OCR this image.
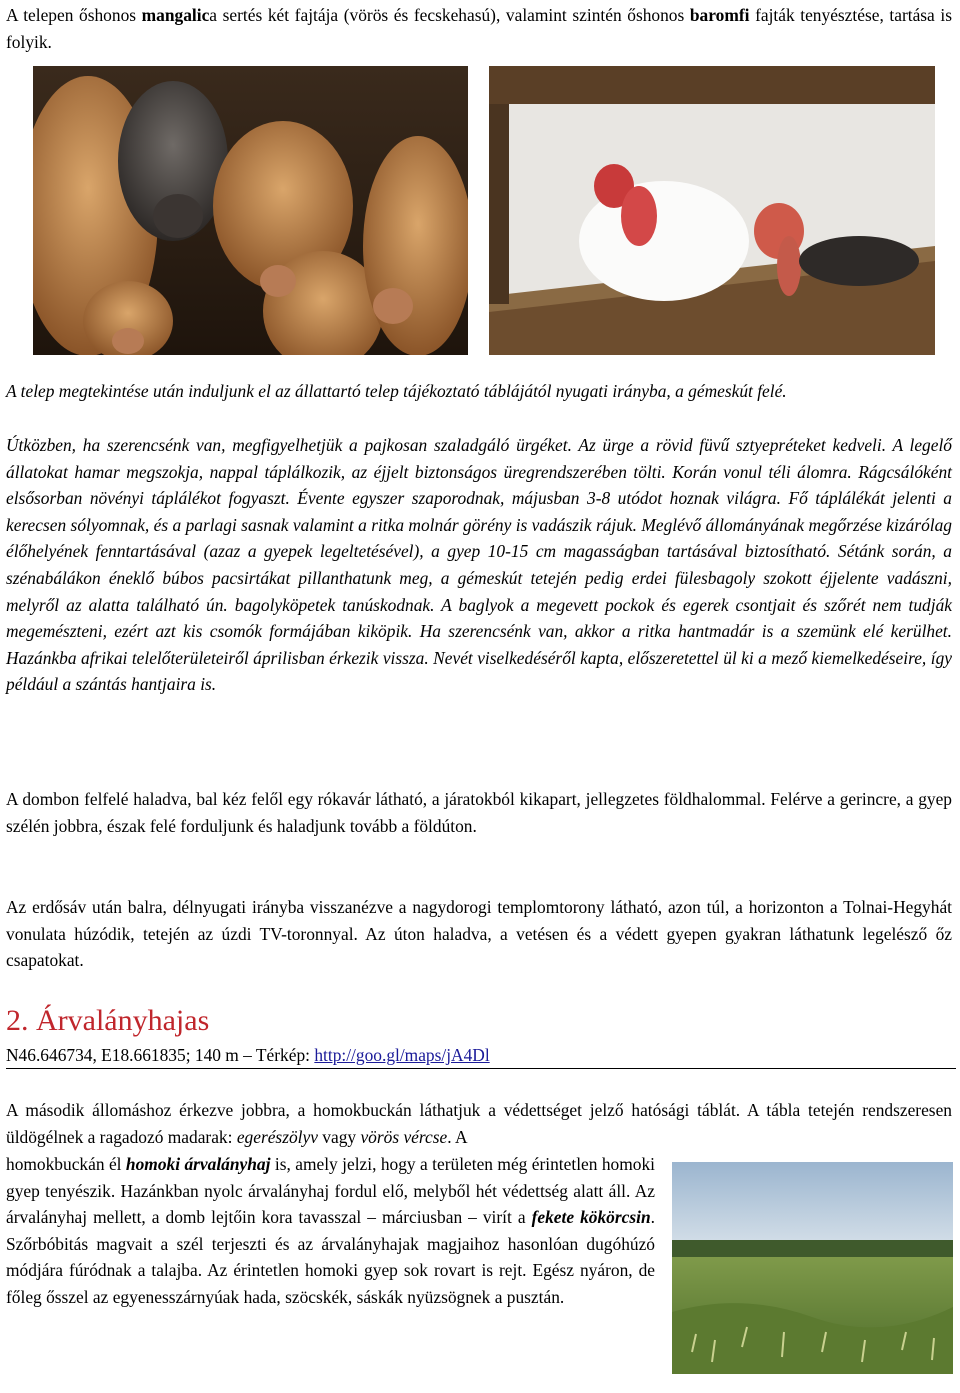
A telepen őshonos mangalica sertés két fajtája (vörös és fecskehasú), valamint szintén őshonos baromfi fajták tenyésztése, tartása is folyik.

A telep megtekintése után induljunk el az állattartó telep tájékoztató táblájától nyugati irányba, a gémeskút felé.

Útközben, ha szerencsénk van, megfigyelhetjük a pajkosan szaladgáló ürgéket. Az ürge a rövid füvű sztyepréteket kedveli. A legelő állatokat hamar megszokja, nappal táplálkozik, az éjjelt biztonságos üregrendszerében tölti. Korán vonul téli álomra. Rágcsálóként elsősorban növényi táplálékot fogyaszt. Évente egyszer szaporodnak, májusban 3-8 utódot hoznak világra. Fő táplálékát jelenti a kerecsen sólyomnak, és a parlagi sasnak valamint a ritka molnár görény is vadászik rájuk. Meglévő állományának megőrzése kizárólag élőhelyének fenntartásával (azaz a gyepek legeltetésével), a gyep 10-15 cm magasságban tartásával biztosítható. Sétánk során, a szénabálákon éneklő búbos pacsirtákat pillanthatunk meg, a gémeskút tetején pedig erdei fülesbagoly szokott éjjelente vadászni, melyről az alatta található ún. bagolyköpetek tanúskodnak. A baglyok a megevett pockok és egerek csontjait és szőrét nem tudják megemészteni, ezért azt kis csomók formájában kiköpik. Ha szerencsénk van, akkor a ritka hantmadár is a szemünk elé kerülhet. Hazánkba afrikai telelőterületeiről áprilisban érkezik vissza. Nevét viselkedéséről kapta, előszeretettel ül ki a mező kiemelkedéseire, így például a szántás hantjaira is.

A dombon felfelé haladva, bal kéz felől egy rókavár látható, a járatokból kikapart, jellegzetes földhalommal. Felérve a gerincre, a gyep szélén jobbra, észak felé forduljunk és haladjunk tovább a földúton.

Az erdősáv után balra, délnyugati irányba visszanézve a nagydorogi templomtorony látható, azon túl, a horizonton a Tolnai-Hegyhát vonulata húzódik, tetején az úzdi TV-toronnyal. Az úton haladva, a vetésen és a védett gyepen gyakran láthatunk legelésző őz csapatokat.

2. Árvalányhajas
N46.646734, E18.661835; 140 m – Térkép: http://goo.gl/maps/jA4Dl

A második állomáshoz érkezve jobbra, a homokbuckán láthatjuk a védettséget jelző hatósági táblát. A tábla tetején rendszeresen üldögélnek a ragadozó madarak: egerészölyv vagy vörös vércse. A

homokbuckán él homoki árvalányhaj is, amely jelzi, hogy a területen még érintetlen homoki gyep tenyészik. Hazánkban nyolc árvalányhaj fordul elő, melyből hét védettség alatt áll. Az árvalányhaj mellett, a domb lejtőin kora tavasszal – márciusban – virít a fekete kökörcsin. Szőrbóbitás magvait a szél terjeszti és az árvalányhajak magjaihoz hasonlóan dugóhúzó módjára fúródnak a talajba. Az érintetlen homoki gyep sok rovart is rejt. Egész nyáron, de főleg ősszel az egyenesszárnyúak hada, szöcskék, sáskák nyüzsögnek a pusztán.
